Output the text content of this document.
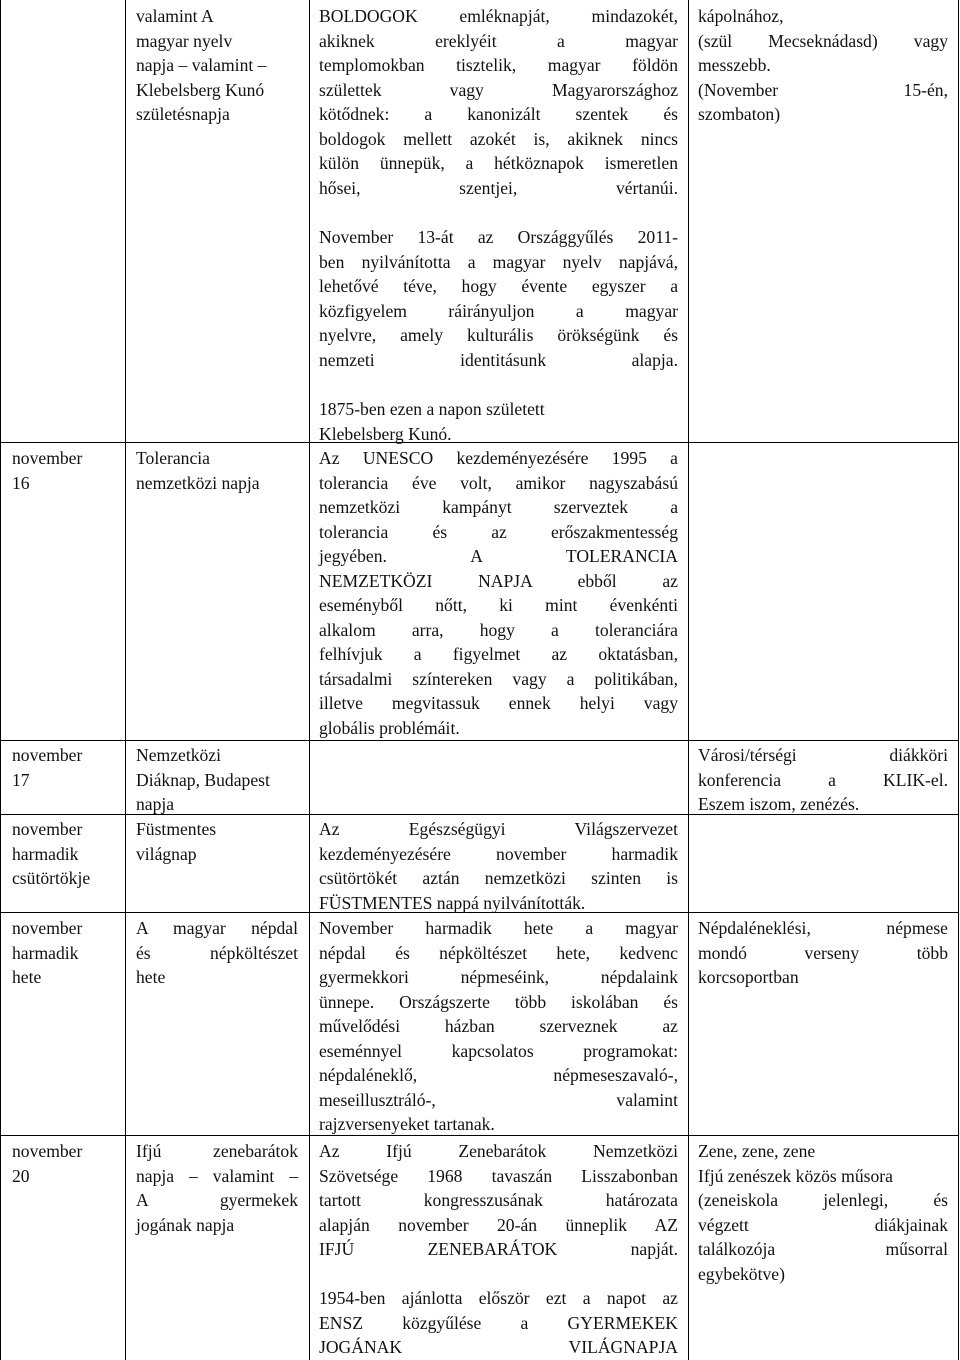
valamint A
magyar nyelv
napja – valamint –
Klebelsberg Kunó
születésnapja
BOLDOGOK emléknapját, mindazokét,
akiknek ereklyéit a magyar
templomokban tisztelik, magyar földön
születtek vagy Magyarországhoz
kötődnek: a kanonizált szentek és
boldogok mellett azokét is, akiknek nincs
külön ünnepük, a hétköznapok ismeretlen
hősei, szentjei, vértanúi.
November 13-át az Országgyűlés 2011-
ben nyilvánította a magyar nyelv napjává,
lehetővé téve, hogy évente egyszer a
közfigyelem ráirányuljon a magyar
nyelvre, amely kulturális örökségünk és
nemzeti identitásunk alapja.
1875-ben ezen a napon született
Klebelsberg Kunó.
kápolnához,
(szül Mecseknádasd) vagy
messzebb.
(November 15-én,
szombaton)
november
16
Tolerancia
nemzetközi napja
Az UNESCO kezdeményezésére 1995 a
tolerancia éve volt, amikor nagyszabású
nemzetközi kampányt szerveztek a
tolerancia és az erőszakmentesség
jegyében. A TOLERANCIA
NEMZETKÖZI NAPJA ebből az
eseményből nőtt, ki mint évenkénti
alkalom arra, hogy a toleranciára
felhívjuk a figyelmet az oktatásban,
társadalmi színtereken vagy a politikában,
illetve megvitassuk ennek helyi vagy
globális problémáit.
november
17
Nemzetközi
Diáknap, Budapest
napja
Városi/térségi diákköri
konferencia a KLIK-el.
Eszem iszom, zenézés.
november
harmadik
csütörtökje
Füstmentes
világnap
Az Egészségügyi Világszervezet
kezdeményezésére november harmadik
csütörtökét aztán nemzetközi szinten is
FÜSTMENTES nappá nyilvánították.
november
harmadik
hete
A magyar népdal
és népköltészet
hete
November harmadik hete a magyar
népdal és népköltészet hete, kedvenc
gyermekkori népmeséink, népdalaink
ünnepe. Országszerte több iskolában és
művelődési házban szerveznek az
eseménnyel kapcsolatos programokat:
népdaléneklő, népmeseszavaló-,
meseillusztráló-, valamint
rajzversenyeket tartanak.
Népdaléneklési, népmese
mondó verseny több
korcsoportban
november
20
Ifjú zenebarátok
napja – valamint –
A gyermekek
jogának napja
Az Ifjú Zenebarátok Nemzetközi
Szövetsége 1968 tavaszán Lisszabonban
tartott kongresszusának határozata
alapján november 20-án ünneplik AZ
IFJÚ ZENEBARÁTOK napját.
1954-ben ajánlotta először ezt a napot az
ENSZ közgyűlése a GYERMEKEK
JOGÁNAK VILÁGNAPJA
Zene, zene, zene
Ifjú zenészek közös műsora
(zeneiskola jelenlegi, és
végzett diákjainak
találkozója műsorral
egybekötve)
